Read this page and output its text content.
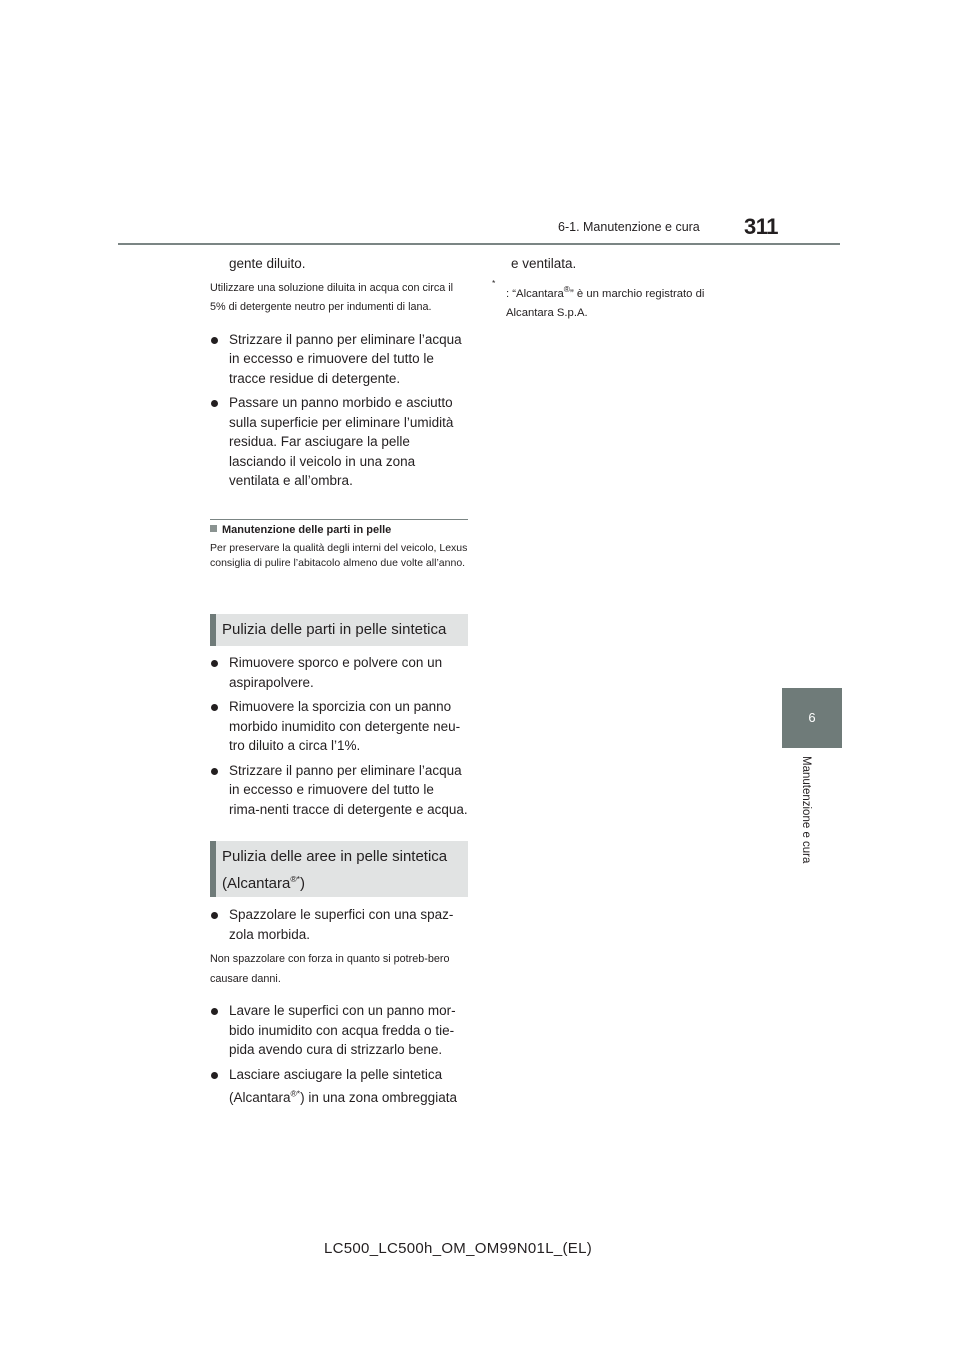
6-1. Manutenzione e cura 311
6
Manutenzione e cura

gente diluito.

Utilizzare una soluzione diluita in acqua con circa il 5% di detergente neutro per indumenti di lana.

Strizzare il panno per eliminare l’acqua in eccesso e rimuovere del tutto le tracce residue di detergente.
Passare un panno morbido e asciutto sulla superficie per eliminare l’umidità residua. Far asciugare la pelle lasciando il veicolo in una zona ventilata e all’ombra.
Manutenzione delle parti in pelle

Per preservare la qualità degli interni del veicolo, Lexus consiglia di pulire l’abitacolo almeno due volte all’anno.

Pulizia delle parti in pelle sintetica
Rimuovere sporco e polvere con un aspirapolvere.
Rimuovere la sporcizia con un panno morbido inumidito con detergente neu-tro diluito a circa l’1%.
Strizzare il panno per eliminare l’acqua in eccesso e rimuovere del tutto le rima-nenti tracce di detergente e acqua.
Pulizia delle aree in pelle sintetica
(Alcantara®*)
Spazzolare le superfici con una spaz-zola morbida.

Non spazzolare con forza in quanto si potreb-bero causare danni.

Lavare le superfici con un panno mor-bido inumidito con acqua fredda o tie-pida avendo cura di strizzarlo bene.
Lasciare asciugare la pelle sintetica (Alcantara®*) in una zona ombreggiata

e ventilata.

*
: “Alcantara®” è un marchio registrato di Alcantara S.p.A.
LC500_LC500h_OM_OM99N01L_(EL)
